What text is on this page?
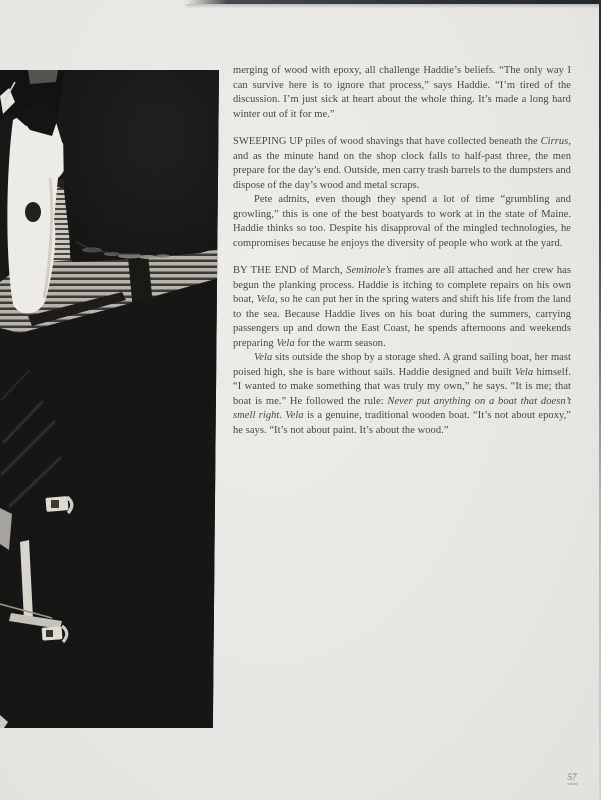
merging of wood with epoxy, all challenge Haddie’s beliefs. “The only way I can survive here is to ignore that process,” says Haddie. “I’m tired of the discussion. I’m just sick at heart about the whole thing. It’s made a long hard winter out of it for me.”

SWEEPING UP piles of wood shavings that have collected beneath the Cirrus, and as the minute hand on the shop clock falls to half-past three, the men prepare for the day’s end. Outside, men carry trash barrels to the dumpsters and dispose of the day’s wood and metal scraps.

Pete admits, even though they spend a lot of time “grumbling and growling,” this is one of the best boatyards to work at in the state of Maine. Haddie thinks so too. Despite his disapproval of the mingled technologies, he compromises because he enjoys the diversity of people who work at the yard.

BY THE END of March, Seminole’s frames are all attached and her crew has begun the planking process. Haddie is itching to complete repairs on his own boat, Vela, so he can put her in the spring waters and shift his life from the land to the sea. Because Haddie lives on his boat during the summers, carrying passengers up and down the East Coast, he spends afternoons and weekends preparing Vela for the warm season.

Vela sits outside the shop by a storage shed. A grand sailing boat, her mast poised high, she is bare without sails. Haddie designed and built Vela himself. “I wanted to make something that was truly my own,” he says. “It is me; that boat is me.” He followed the rule: Never put anything on a boat that doesn’t smell right. Vela is a genuine, traditional wooden boat. “It’s not about epoxy,” he says. “It’s not about paint. It’s about the wood.”

57
